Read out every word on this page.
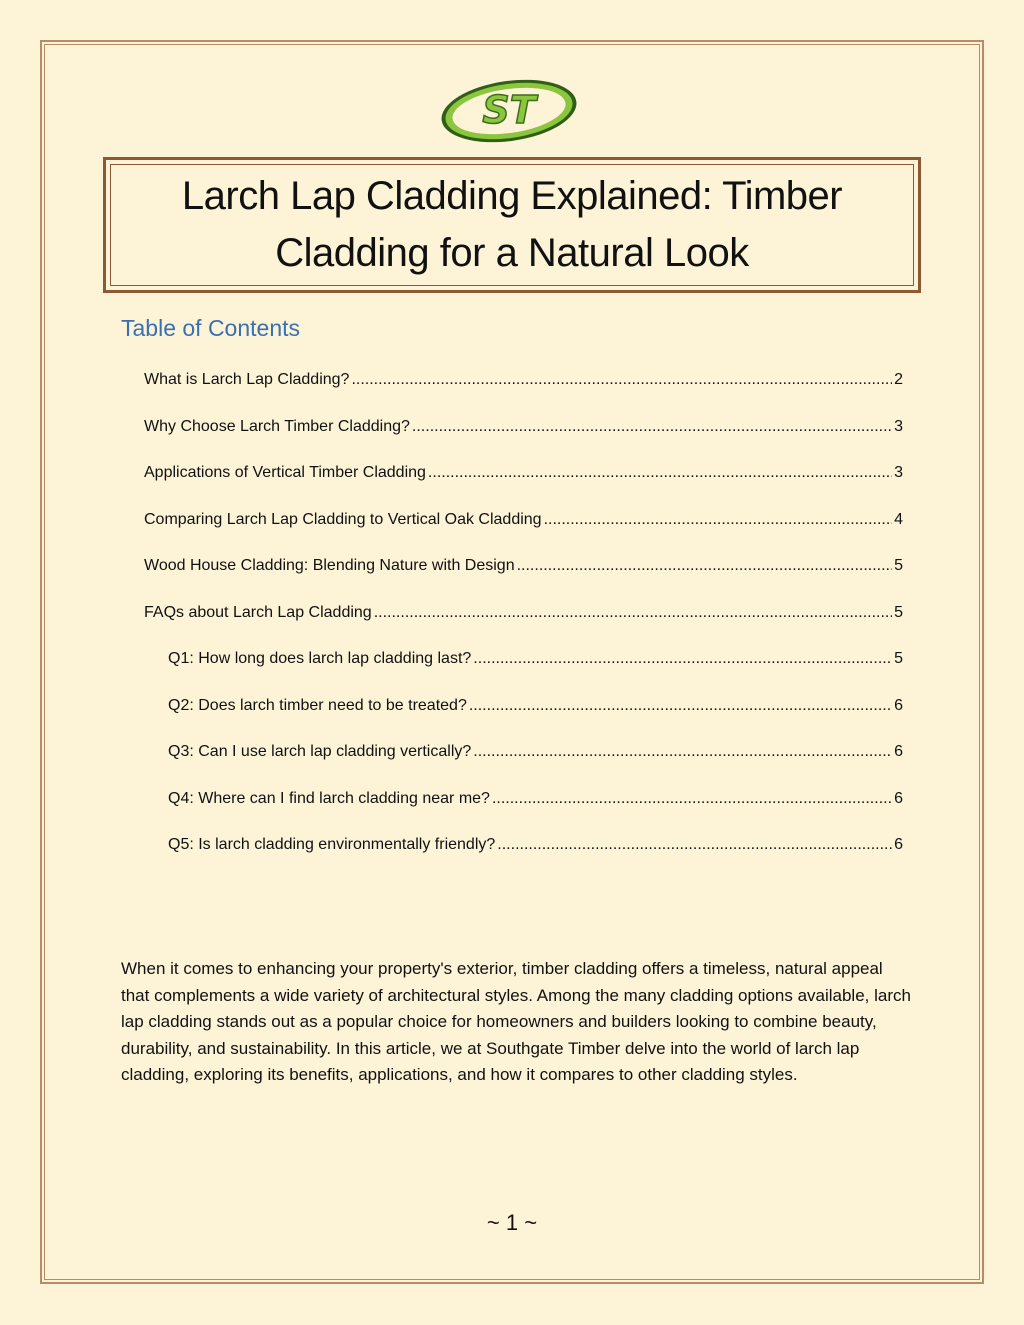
ST
Larch Lap Cladding Explained: Timber
Cladding for a Natural Look
Table of Contents
What is Larch Lap Cladding? .....	2
Why Choose Larch Timber Cladding? .....	3
Applications of Vertical Timber Cladding .....	3
Comparing Larch Lap Cladding to Vertical Oak Cladding .....	4
Wood House Cladding: Blending Nature with Design .....	5
FAQs about Larch Lap Cladding .....	5
Q1: How long does larch lap cladding last? .....	5
Q2: Does larch timber need to be treated? .....	6
Q3: Can I use larch lap cladding vertically? .....	6
Q4: Where can I find larch cladding near me? .....	6
Q5: Is larch cladding environmentally friendly? .....	6

When it comes to enhancing your property's exterior, timber cladding offers a timeless, natural appeal that complements a wide variety of architectural styles. Among the many cladding options available, larch lap cladding stands out as a popular choice for homeowners and builders looking to combine beauty, durability, and sustainability. In this article, we at Southgate Timber delve into the world of larch lap cladding, exploring its benefits, applications, and how it compares to other cladding styles.

~ 1 ~
